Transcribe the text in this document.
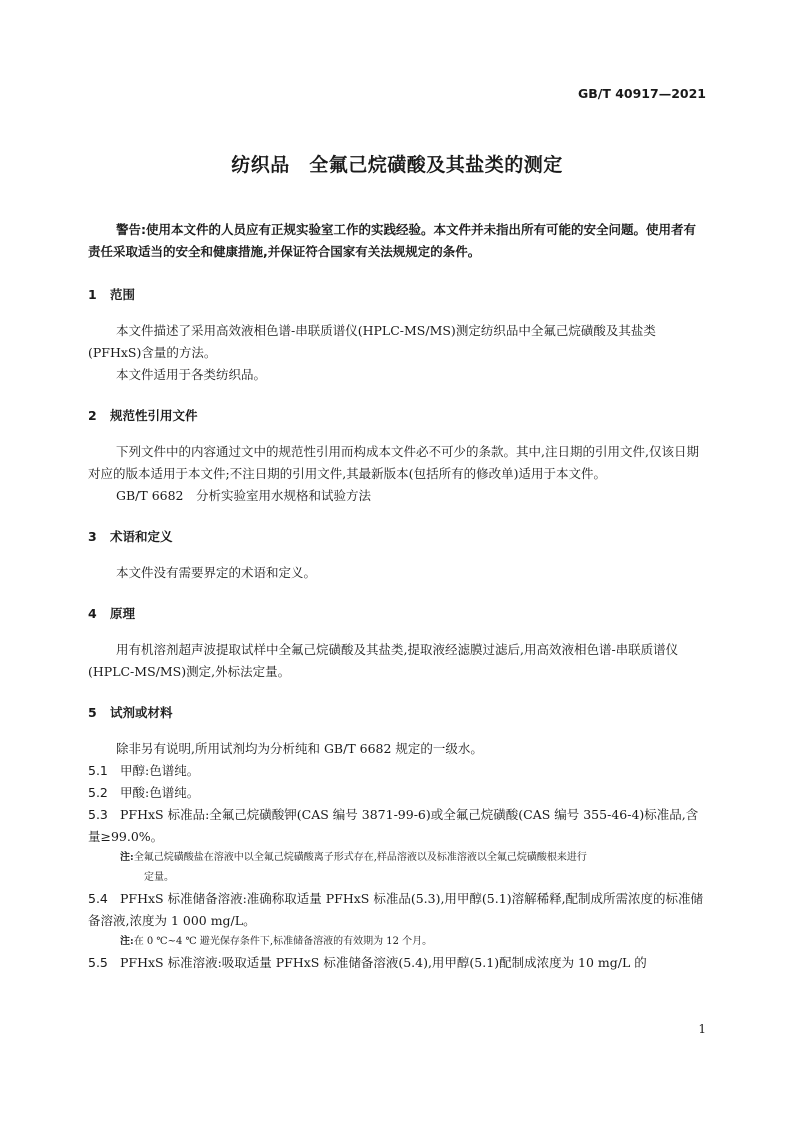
GB/T 40917—2021
纺织品　全氟己烷磺酸及其盐类的测定
警告:使用本文件的人员应有正规实验室工作的实践经验。本文件并未指出所有可能的安全问题。使用者有责任采取适当的安全和健康措施,并保证符合国家有关法规规定的条件。
1 范围

本文件描述了采用高效液相色谱-串联质谱仪(HPLC-MS/MS)测定纺织品中全氟己烷磺酸及其盐类(PFHxS)含量的方法。

本文件适用于各类纺织品。

2 规范性引用文件

下列文件中的内容通过文中的规范性引用而构成本文件必不可少的条款。其中,注日期的引用文件,仅该日期对应的版本适用于本文件;不注日期的引用文件,其最新版本(包括所有的修改单)适用于本文件。

GB/T 6682　分析实验室用水规格和试验方法

3 术语和定义

本文件没有需要界定的术语和定义。

4 原理

用有机溶剂超声波提取试样中全氟己烷磺酸及其盐类,提取液经滤膜过滤后,用高效液相色谱-串联质谱仪(HPLC-MS/MS)测定,外标法定量。

5 试剂或材料

除非另有说明,所用试剂均为分析纯和 GB/T 6682 规定的一级水。

5.1 甲醇:色谱纯。

5.2 甲酸:色谱纯。

5.3 PFHxS 标准品:全氟己烷磺酸钾(CAS 编号 3871-99-6)或全氟己烷磺酸(CAS 编号 355-46-4)标准品,含量≥99.0%。

注:全氟己烷磺酸盐在溶液中以全氟己烷磺酸离子形式存在,样品溶液以及标准溶液以全氟己烷磺酸根来进行
定量。

5.4 PFHxS 标准储备溶液:准确称取适量 PFHxS 标准品(5.3),用甲醇(5.1)溶解稀释,配制成所需浓度的标准储备溶液,浓度为 1 000 mg/L。

注:在 0 ℃~4 ℃ 避光保存条件下,标准储备溶液的有效期为 12 个月。

5.5 PFHxS 标准溶液:吸取适量 PFHxS 标准储备溶液(5.4),用甲醇(5.1)配制成浓度为 10 mg/L 的

1
